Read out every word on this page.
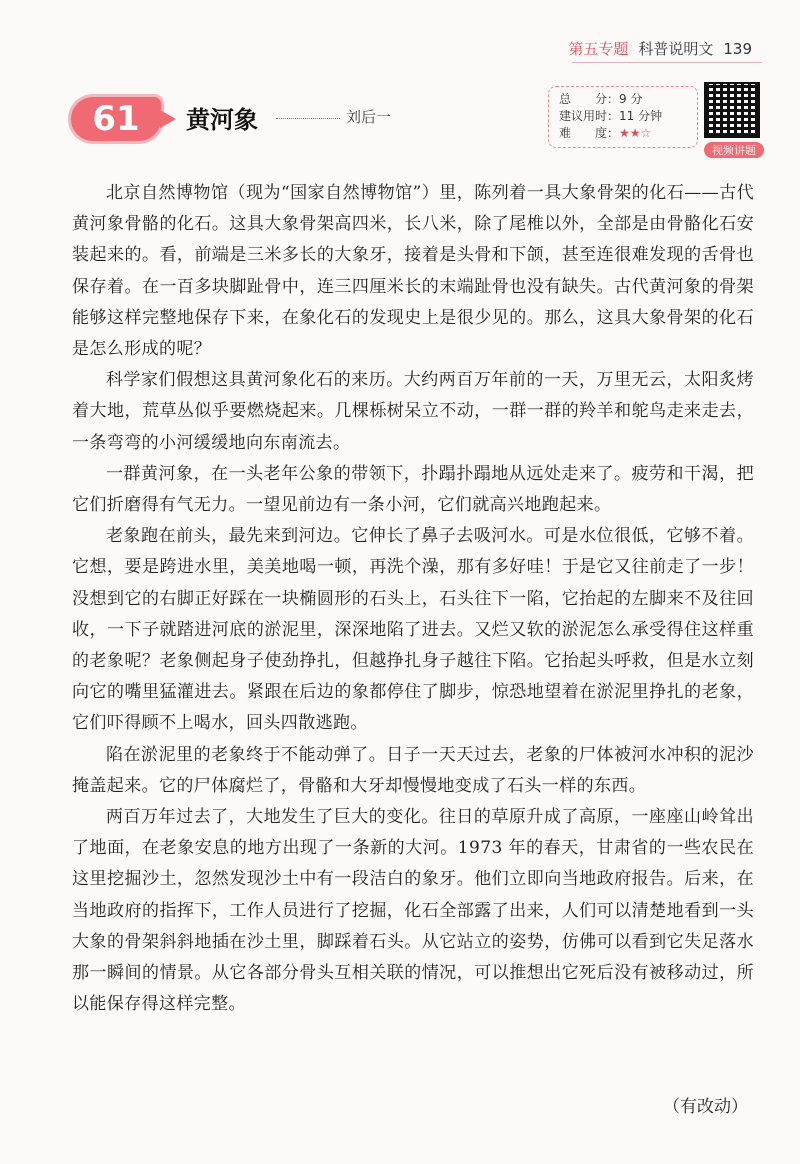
第五专题 科普说明文 139
61 黄河象	刘后一
总　　分：9 分
建议用时：11 分钟
难　　度：★★☆
视频讲题

北京自然博物馆（现为“国家自然博物馆”）里，陈列着一具大象骨架的化石——古代黄河象骨骼的化石。这具大象骨架高四米，长八米，除了尾椎以外，全部是由骨骼化石安装起来的。看，前端是三米多长的大象牙，接着是头骨和下颌，甚至连很难发现的舌骨也保存着。在一百多块脚趾骨中，连三四厘米长的末端趾骨也没有缺失。古代黄河象的骨架能够这样完整地保存下来，在象化石的发现史上是很少见的。那么，这具大象骨架的化石是怎么形成的呢？

科学家们假想这具黄河象化石的来历。大约两百万年前的一天，万里无云，太阳炙烤着大地，荒草丛似乎要燃烧起来。几棵栎树呆立不动，一群一群的羚羊和鸵鸟走来走去，一条弯弯的小河缓缓地向东南流去。

一群黄河象，在一头老年公象的带领下，扑蹋扑蹋地从远处走来了。疲劳和干渴，把它们折磨得有气无力。一望见前边有一条小河，它们就高兴地跑起来。

老象跑在前头，最先来到河边。它伸长了鼻子去吸河水。可是水位很低，它够不着。它想，要是跨进水里，美美地喝一顿，再洗个澡，那有多好哇！于是它又往前走了一步！没想到它的右脚正好踩在一块椭圆形的石头上，石头往下一陷，它抬起的左脚来不及往回收，一下子就踏进河底的淤泥里，深深地陷了进去。又烂又软的淤泥怎么承受得住这样重的老象呢？老象侧起身子使劲挣扎，但越挣扎身子越往下陷。它抬起头呼救，但是水立刻向它的嘴里猛灌进去。紧跟在后边的象都停住了脚步，惊恐地望着在淤泥里挣扎的老象，它们吓得顾不上喝水，回头四散逃跑。

陷在淤泥里的老象终于不能动弹了。日子一天天过去，老象的尸体被河水冲积的泥沙掩盖起来。它的尸体腐烂了，骨骼和大牙却慢慢地变成了石头一样的东西。

两百万年过去了，大地发生了巨大的变化。往日的草原升成了高原，一座座山岭耸出了地面，在老象安息的地方出现了一条新的大河。1973 年的春天，甘肃省的一些农民在这里挖掘沙土，忽然发现沙土中有一段洁白的象牙。他们立即向当地政府报告。后来，在当地政府的指挥下，工作人员进行了挖掘，化石全部露了出来，人们可以清楚地看到一头大象的骨架斜斜地插在沙土里，脚踩着石头。从它站立的姿势，仿佛可以看到它失足落水那一瞬间的情景。从它各部分骨头互相关联的情况，可以推想出它死后没有被移动过，所以能保存得这样完整。

（有改动）
